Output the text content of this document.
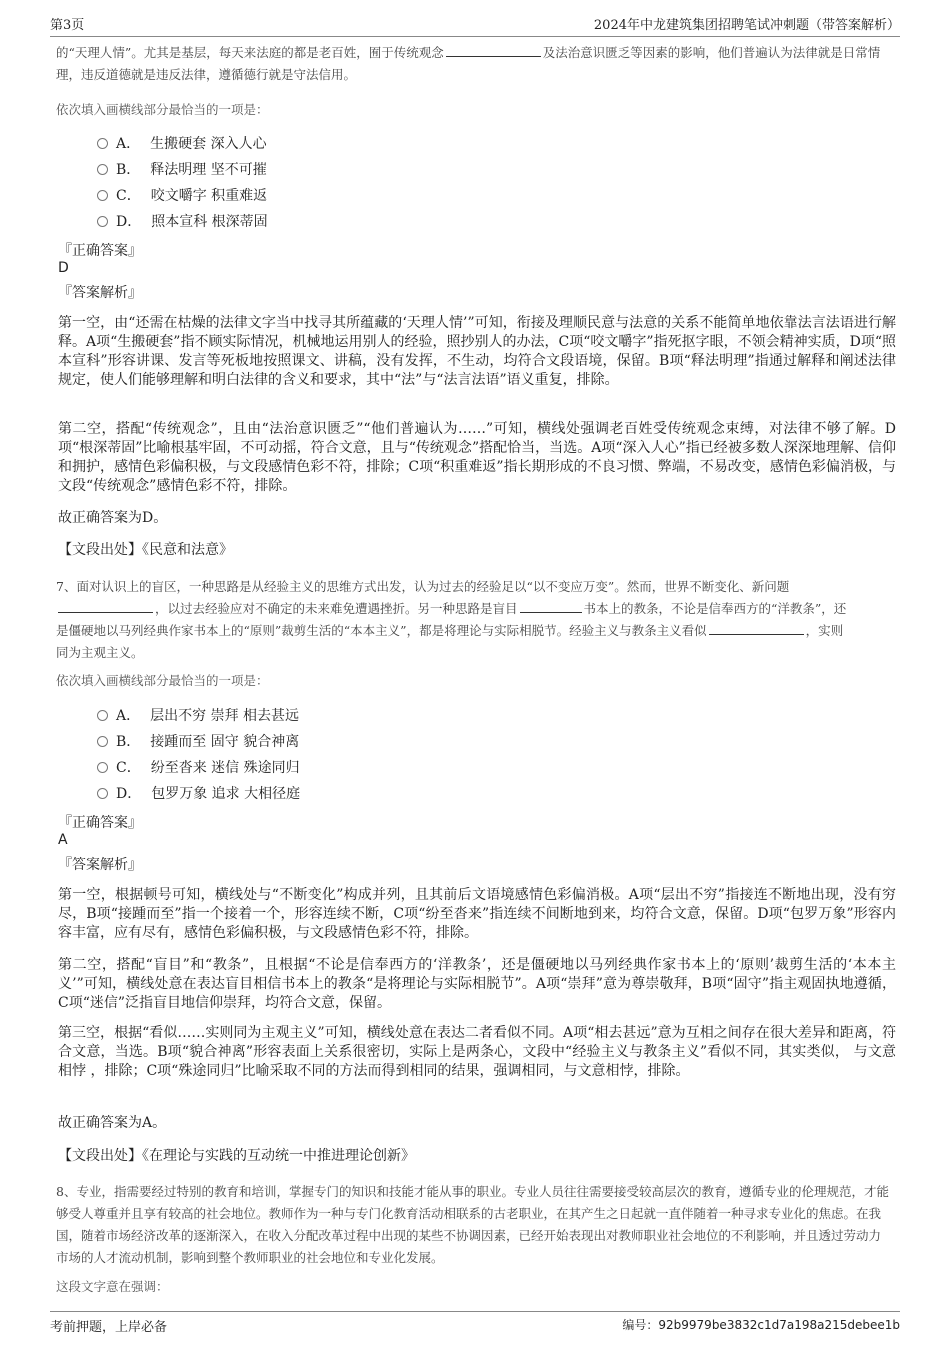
第3页	2024年中龙建筑集团招聘笔试冲刺题（带答案解析）
的“天理人情”。尤其是基层，每天来法庭的都是老百姓，囿于传统观念	及法治意识匮乏等因素的影响，他们普遍认为法律就是日常情理，违反道德就是违反法律，遵循德行就是守法信用。
依次填入画横线部分最恰当的一项是：
A． 生搬硬套 深入人心
B． 释法明理 坚不可摧
C． 咬文嚼字 积重难返
D． 照本宣科 根深蒂固
『正确答案』
D
『答案解析』
第一空，由“还需在枯燥的法律文字当中找寻其所蕴藏的‘天理人情’”可知，衔接及理顺民意与法意的关系不能简单地依靠法言法语进行解释。A项“生搬硬套”指不顾实际情况，机械地运用别人的经验，照抄别人的办法，C项“咬文嚼字”指死抠字眼，不领会精神实质，D项“照本宣科”形容讲课、发言等死板地按照课文、讲稿，没有发挥，不生动，均符合文段语境，保留。B项“释法明理”指通过解释和阐述法律规定，使人们能够理解和明白法律的含义和要求，其中“法”与“法言法语”语义重复，排除。
第二空，搭配“传统观念”，且由“法治意识匮乏”“他们普遍认为……”可知，横线处强调老百姓受传统观念束缚，对法律不够了解。D项“根深蒂固”比喻根基牢固，不可动摇，符合文意，且与“传统观念”搭配恰当，当选。A项“深入人心”指已经被多数人深深地理解、信仰和拥护，感情色彩偏积极，与文段感情色彩不符，排除；C项“积重难返”指长期形成的不良习惯、弊端，不易改变，感情色彩偏消极，与文段“传统观念”感情色彩不符，排除。
故正确答案为D。
【文段出处】《民意和法意》
7、面对认识上的盲区，一种思路是从经验主义的思维方式出发，认为过去的经验足以“以不变应万变”。然而，世界不断变化、新问题
，以过去经验应对不确定的未来难免遭遇挫折。另一种思路是盲目	书本上的教条，不论是信奉西方的“洋教条”，还
是僵硬地以马列经典作家书本上的“原则”裁剪生活的“本本主义”，都是将理论与实际相脱节。经验主义与教条主义看似	，实则
同为主观主义。
依次填入画横线部分最恰当的一项是：
A． 层出不穷 崇拜 相去甚远
B． 接踵而至 固守 貌合神离
C． 纷至沓来 迷信 殊途同归
D． 包罗万象 追求 大相径庭
『正确答案』
A
『答案解析』
第一空，根据顿号可知，横线处与“不断变化”构成并列，且其前后文语境感情色彩偏消极。A项“层出不穷”指接连不断地出现，没有穷尽，B项“接踵而至”指一个接着一个，形容连续不断，C项“纷至沓来”指连续不间断地到来，均符合文意，保留。D项“包罗万象”形容内容丰富，应有尽有，感情色彩偏积极，与文段感情色彩不符，排除。
第二空，搭配“盲目”和“教条”，且根据“不论是信奉西方的‘洋教条’，还是僵硬地以马列经典作家书本上的‘原则’裁剪生活的‘本本主义’”可知，横线处意在表达盲目相信书本上的教条“是将理论与实际相脱节”。A项“崇拜”意为尊崇敬拜，B项“固守”指主观固执地遵循，C项“迷信”泛指盲目地信仰崇拜，均符合文意，保留。
第三空，根据“看似……实则同为主观主义”可知，横线处意在表达二者看似不同。A项“相去甚远”意为互相之间存在很大差异和距离，符合文意，当选。B项“貌合神离”形容表面上关系很密切，实际上是两条心，文段中“经验主义与教条主义”看似不同，其实类似， 与文意相悖 ，排除；C项“殊途同归”比喻采取不同的方法而得到相同的结果，强调相同，与文意相悖，排除。
故正确答案为A。
【文段出处】《在理论与实践的互动统一中推进理论创新》
8、专业，指需要经过特别的教育和培训，掌握专门的知识和技能才能从事的职业。专业人员往往需要接受较高层次的教育，遵循专业的伦理规范，才能够受人尊重并且享有较高的社会地位。教师作为一种与专门化教育活动相联系的古老职业，在其产生之日起就一直伴随着一种寻求专业化的焦虑。在我国，随着市场经济改革的逐渐深入，在收入分配改革过程中出现的某些不协调因素，已经开始表现出对教师职业社会地位的不利影响，并且透过劳动力市场的人才流动机制，影响到整个教师职业的社会地位和专业化发展。
这段文字意在强调：
考前押题，上岸必备	编号：92b9979be3832c1d7a198a215debee1b
